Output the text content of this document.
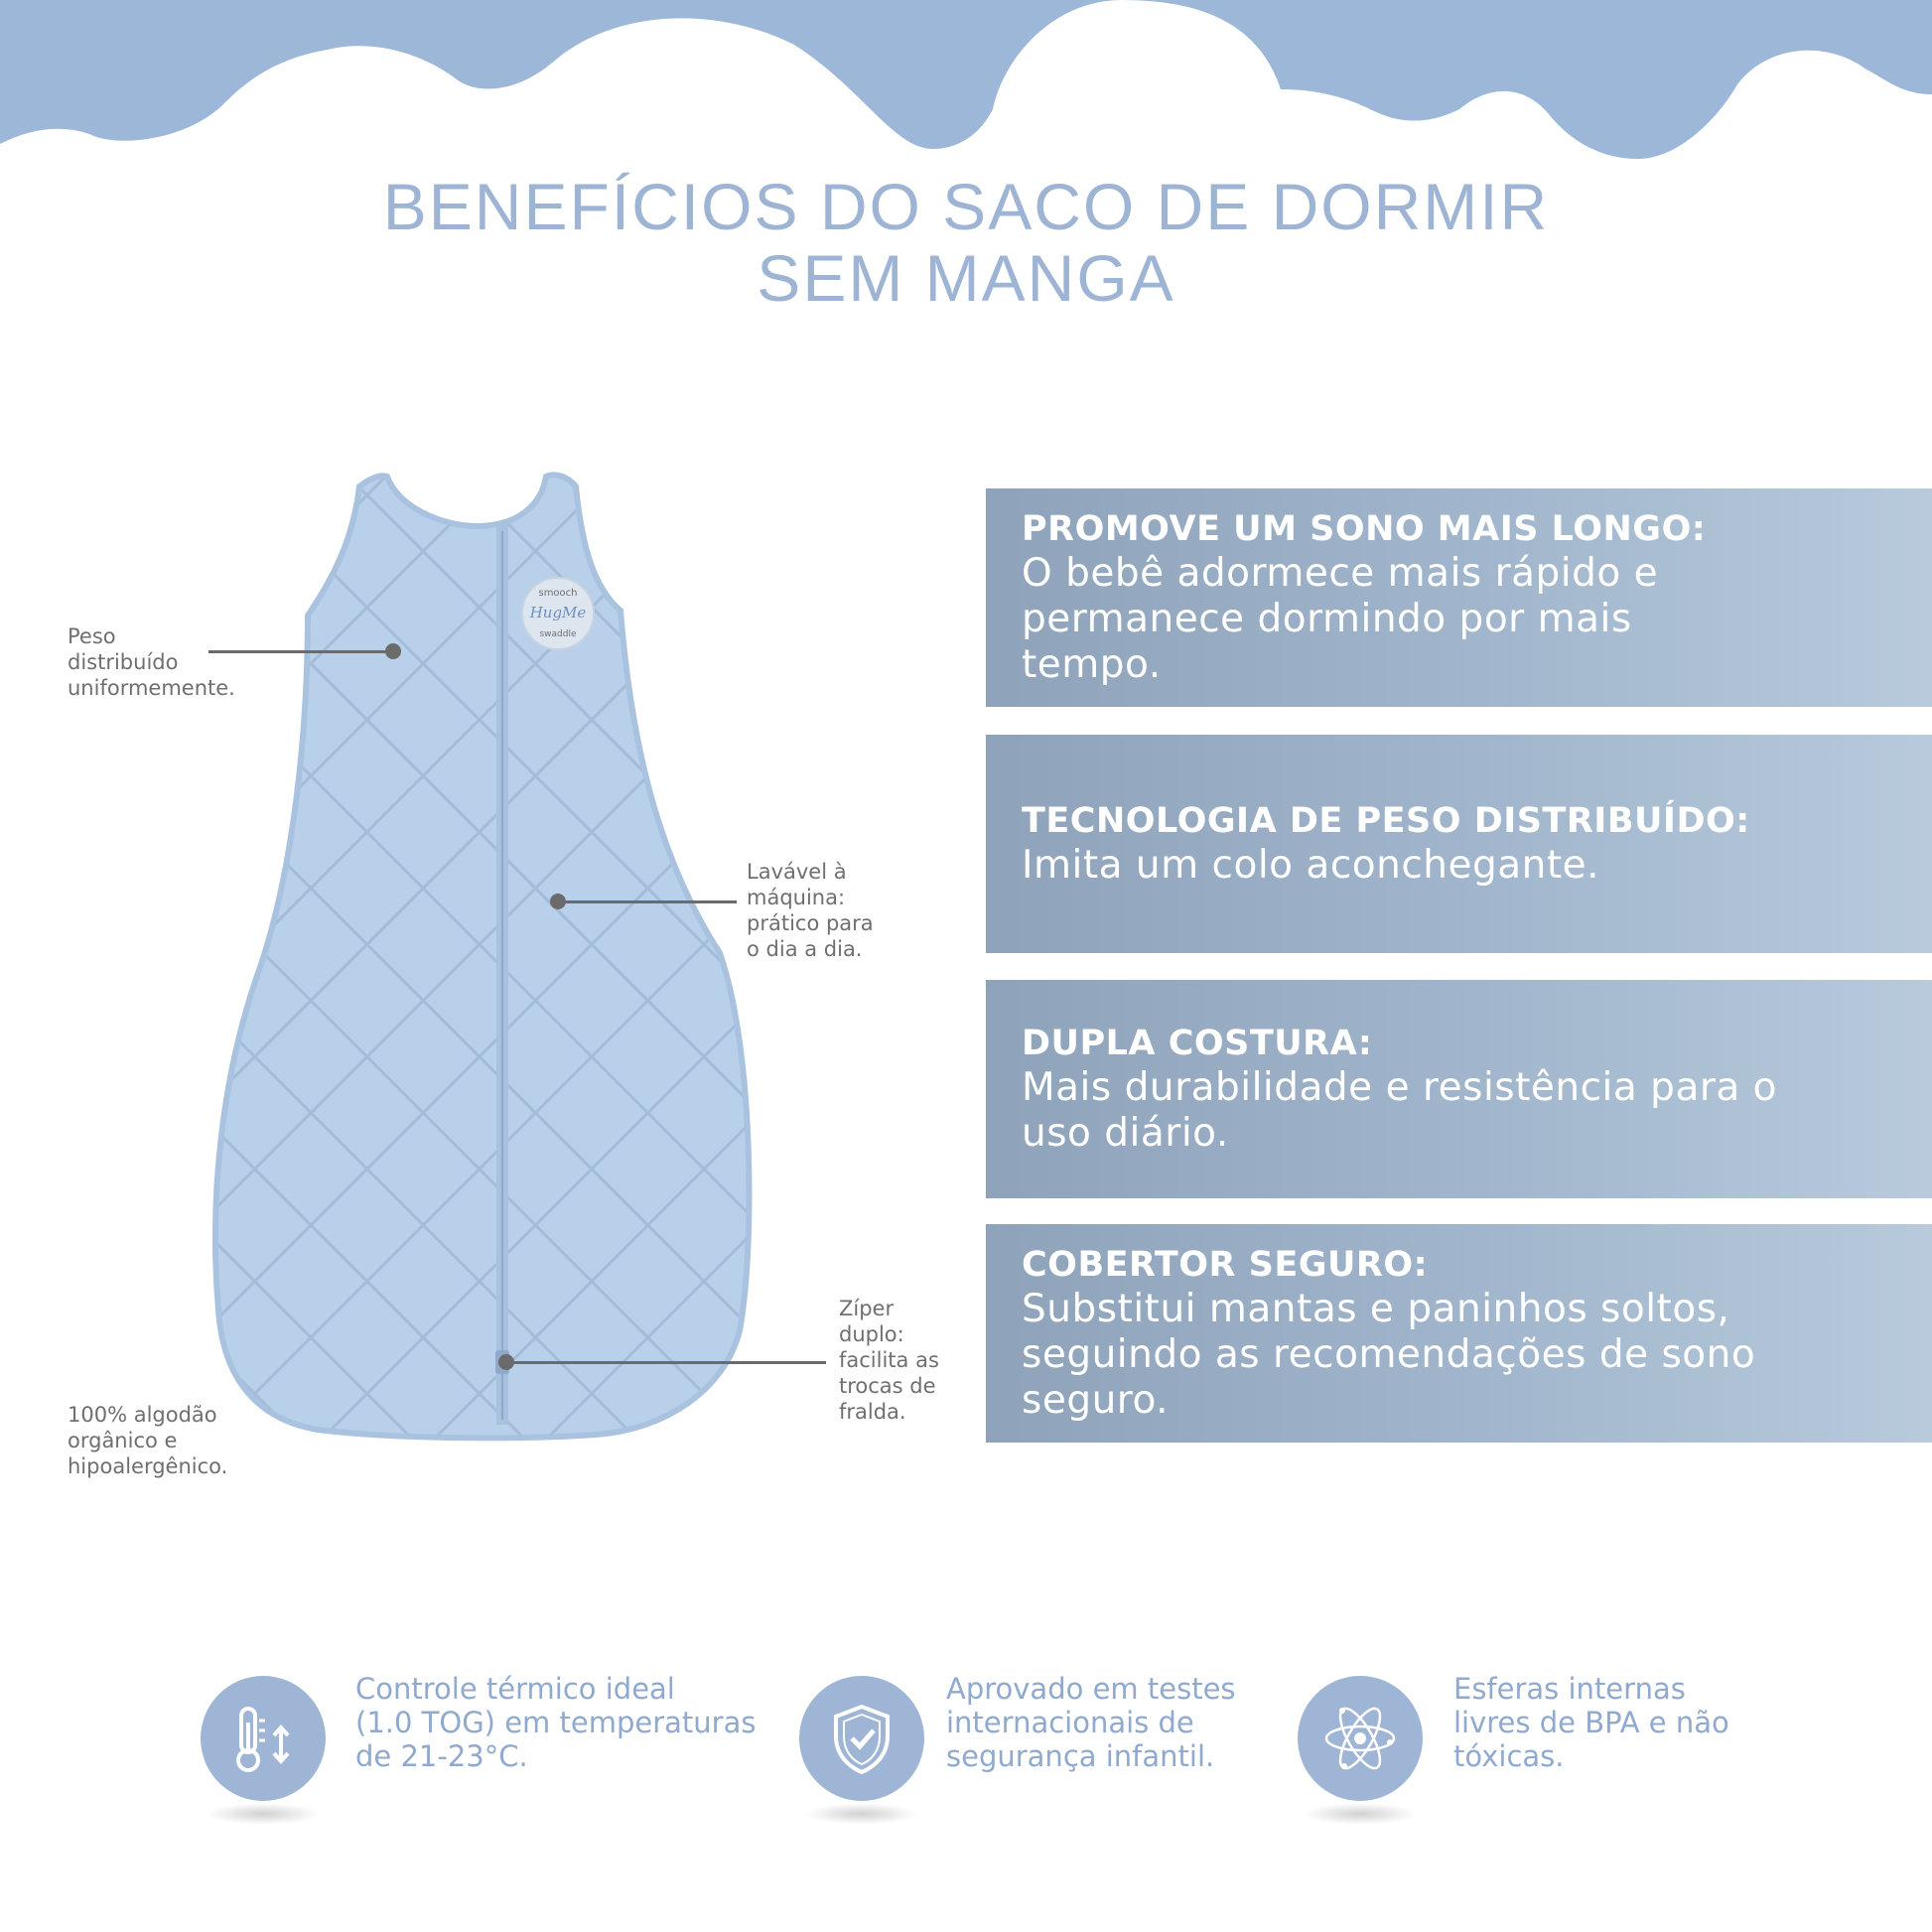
BENEFÍCIOS DO SACO DE DORMIR
SEM MANGA
smooch
HugMe
swaddle
Peso
distribuído
uniformemente.
Lavável à
máquina:
prático para
o dia a dia.
Zíper
duplo:
facilita as
trocas de
fralda.
100% algodão
orgânico e
hipoalergênico.
PROMOVE UM SONO MAIS LONGO:
O bebê adormece mais rápido e
permanece dormindo por mais
tempo.
TECNOLOGIA DE PESO DISTRIBUÍDO:
Imita um colo aconchegante.
DUPLA COSTURA:
Mais durabilidade e resistência para o
uso diário.
COBERTOR SEGURO:
Substitui mantas e paninhos soltos,
seguindo as recomendações de sono
seguro.
Controle térmico ideal
(1.0 TOG) em temperaturas
de 21-23°C.
Aprovado em testes
internacionais de
segurança infantil.
Esferas internas
livres de BPA e não
tóxicas.
